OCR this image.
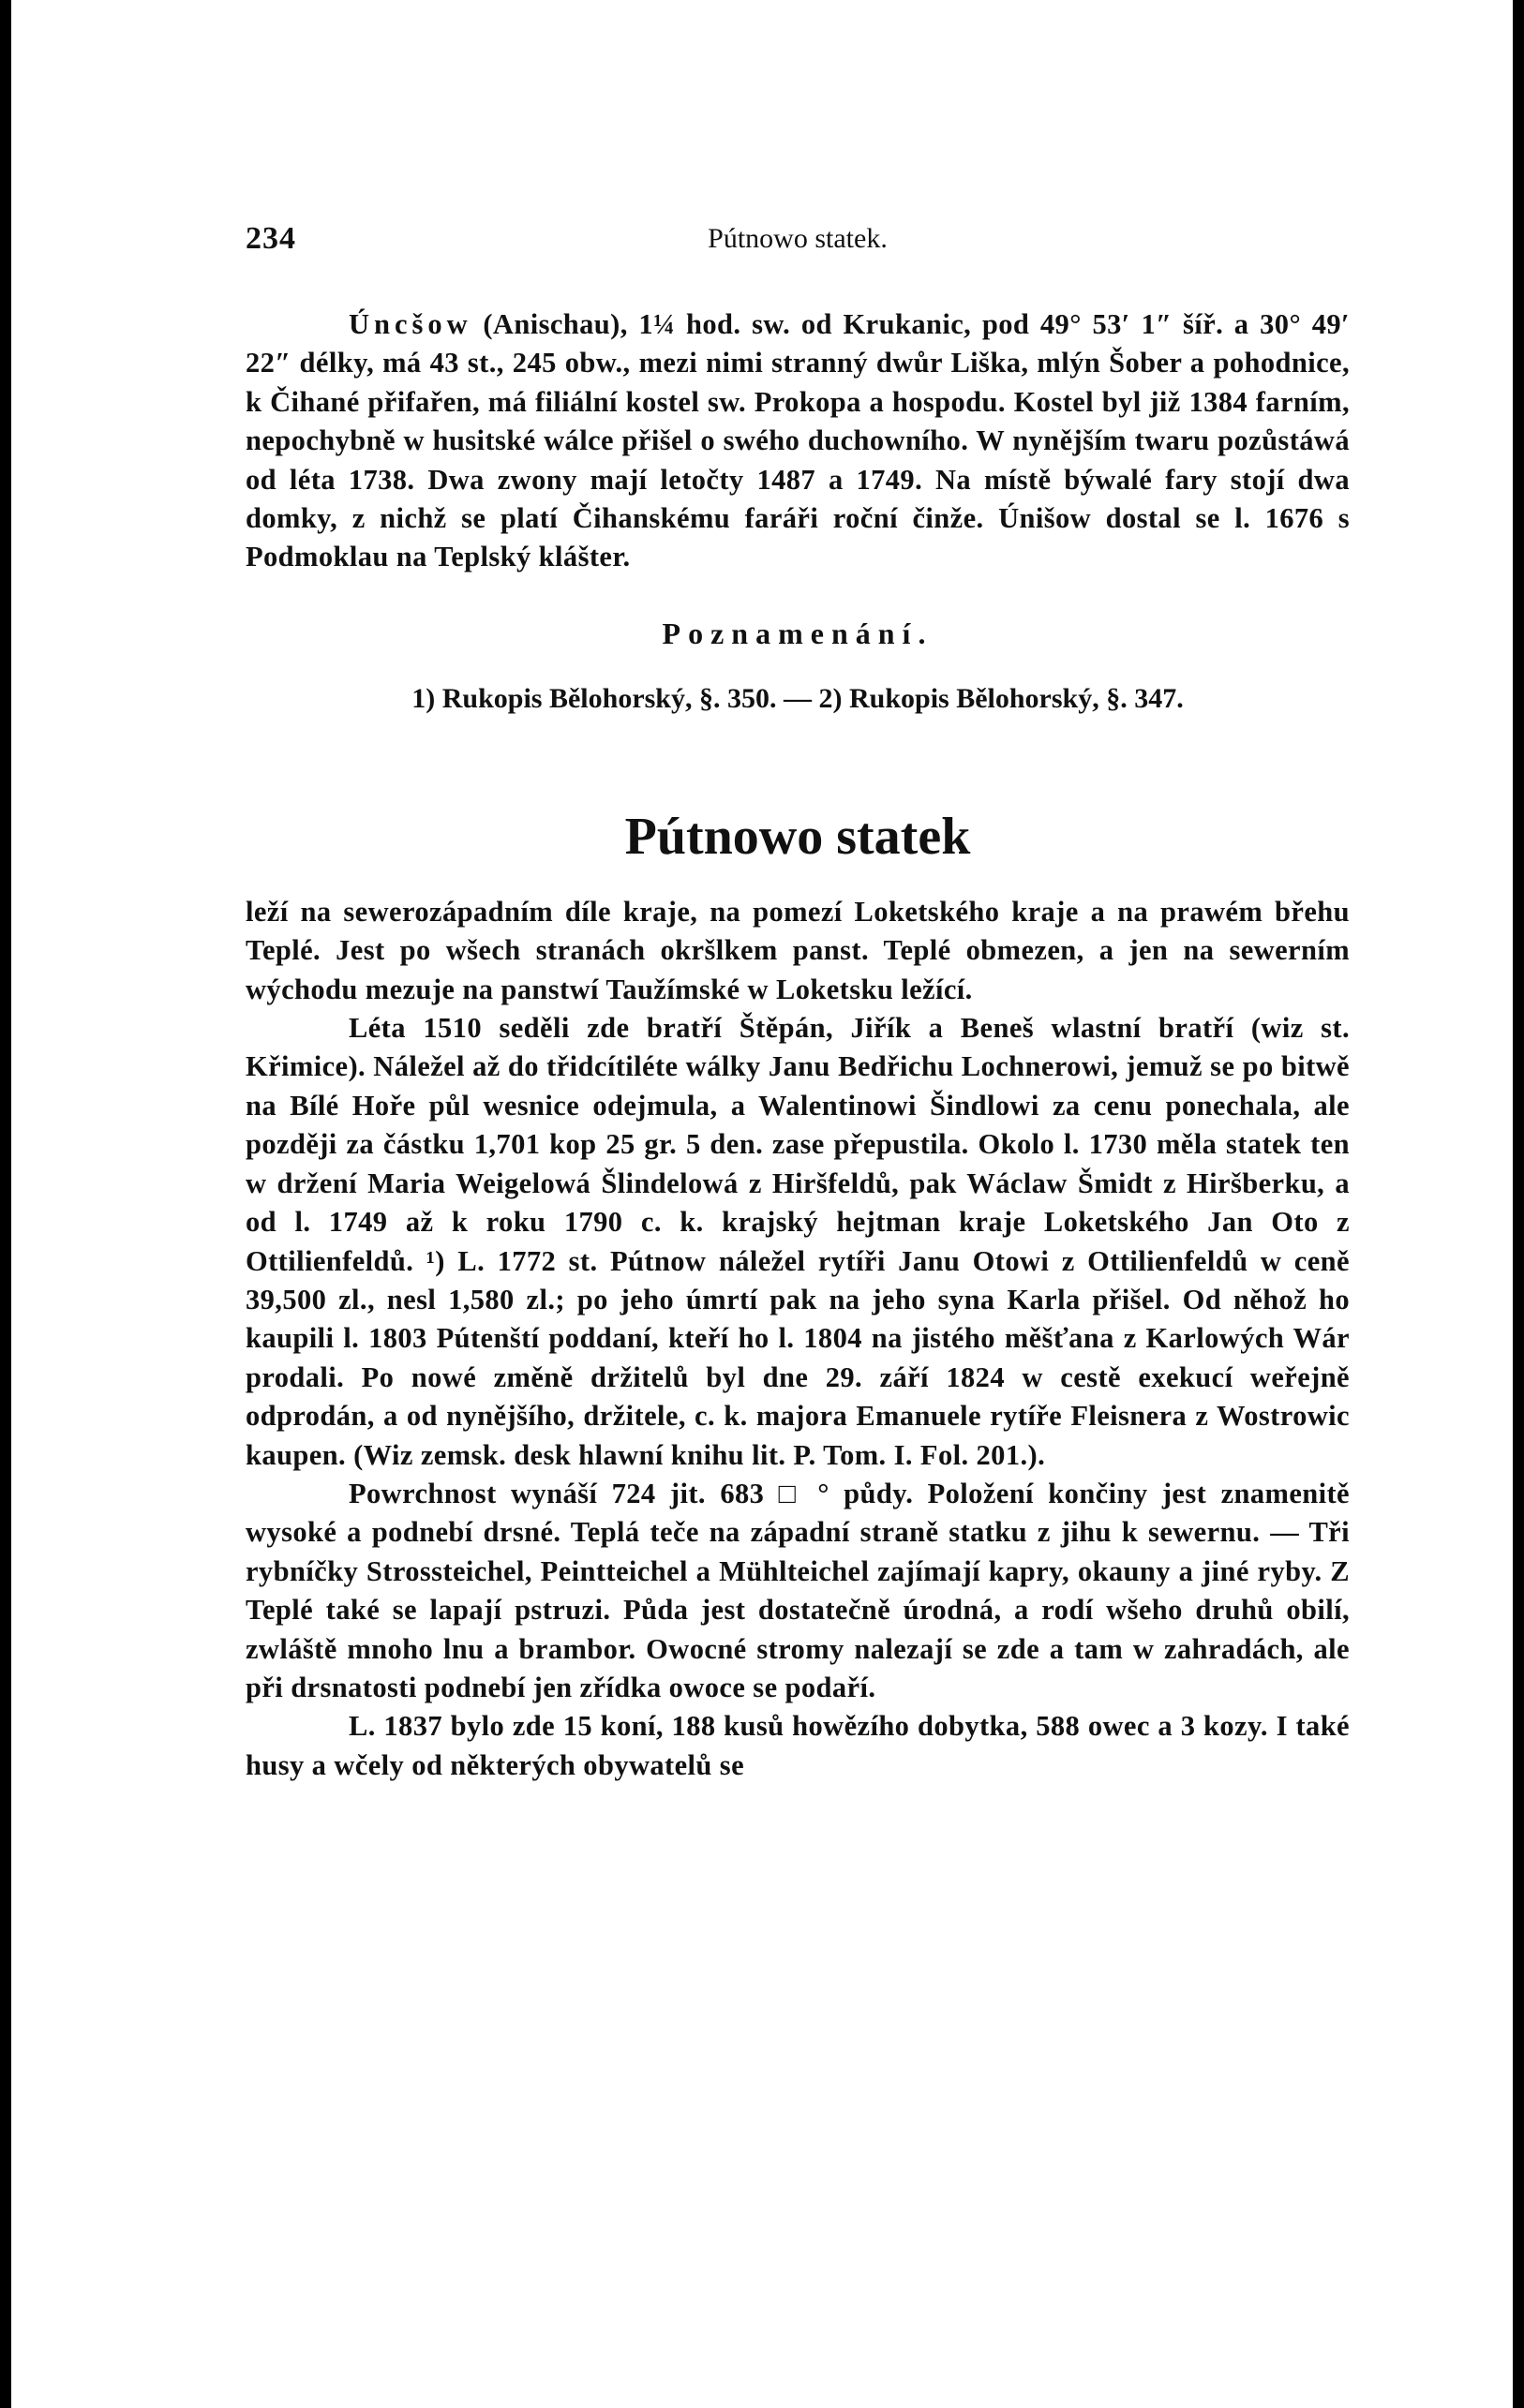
234	Pútnowo statek.

Úncšow (Anischau), 1¼ hod. sw. od Krukanic, pod 49° 53′ 1″ šíř. a 30° 49′ 22″ délky, má 43 st., 245 obw., mezi nimi stranný dwůr Liška, mlýn Šober a pohodnice, k Čihané přifařen, má filiální kostel sw. Prokopa a hospodu. Kostel byl již 1384 farním, nepochybně w husitské wálce přišel o swého duchowního. W nynějším twaru pozůstáwá od léta 1738. Dwa zwony mají letočty 1487 a 1749. Na místě býwalé fary stojí dwa domky, z nichž se platí Čihanskému faráři roční činže. Únišow dostal se l. 1676 s Podmoklau na Teplský klášter.

Poznamenání.
1) Rukopis Bělohorský, §. 350. — 2) Rukopis Bělohorský, §. 347.
Pútnowo statek

leží na sewerozápadním díle kraje, na pomezí Loketského kraje a na prawém břehu Teplé. Jest po wšech stranách okršlkem panst. Teplé obmezen, a jen na sewerním wýchodu mezuje na panstwí Taužímské w Loketsku ležící.

Léta 1510 seděli zde bratří Štěpán, Jiřík a Beneš wlastní bratří (wiz st. Křimice). Náležel až do třidcítiléte wálky Janu Bedřichu Lochnerowi, jemuž se po bitwě na Bílé Hoře půl wesnice odejmula, a Walentinowi Šindlowi za cenu ponechala, ale později za částku 1,701 kop 25 gr. 5 den. zase přepustila. Okolo l. 1730 měla statek ten w držení Maria Weigelowá Šlindelowá z Hiršfeldů, pak Wáclaw Šmidt z Hiršberku, a od l. 1749 až k roku 1790 c. k. krajský hejtman kraje Loketského Jan Oto z Ottilienfeldů. ¹) L. 1772 st. Pútnow náležel rytíři Janu Otowi z Ottilienfeldů w ceně 39,500 zl., nesl 1,580 zl.; po jeho úmrtí pak na jeho syna Karla přišel. Od něhož ho kaupili l. 1803 Pútenští poddaní, kteří ho l. 1804 na jistého měšťana z Karlowých Wár prodali. Po nowé změně držitelů byl dne 29. září 1824 w cestě exekucí weřejně odprodán, a od nynějšího, držitele, c. k. majora Emanuele rytíře Fleisnera z Wostrowic kaupen. (Wiz zemsk. desk hlawní knihu lit. P. Tom. I. Fol. 201.).

Powrchnost wynáší 724 jit. 683 □ ° půdy. Položení končiny jest znamenitě wysoké a podnebí drsné. Teplá teče na západní straně statku z jihu k sewernu. — Tři rybníčky Strossteichel, Peintteichel a Mühlteichel zajímají kapry, okauny a jiné ryby. Z Teplé také se lapají pstruzi. Půda jest dostatečně úrodná, a rodí wšeho druhů obilí, zwláště mnoho lnu a brambor. Owocné stromy nalezají se zde a tam w zahradách, ale při drsnatosti podnebí jen zřídka owoce se podaří.

L. 1837 bylo zde 15 koní, 188 kusů howězího dobytka, 588 owec a 3 kozy. I také husy a wčely od některých obywatelů se
